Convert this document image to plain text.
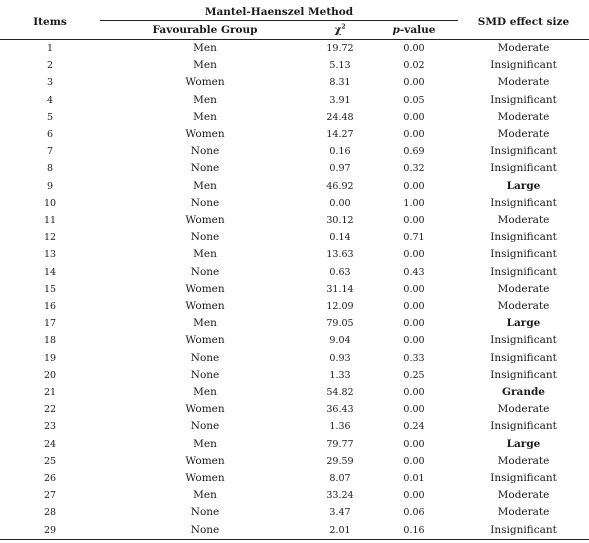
Items	Mantel-Haenszel Method			SMD effect size
	Favourable Group	$\chi^2$	p-value	
1	Men	19.72	0.00	Moderate
2	Men	5.13	0.02	Insignificant
3	Women	8.31	0.00	Moderate
4	Men	3.91	0.05	Insignificant
5	Men	24.48	0.00	Moderate
6	Women	14.27	0.00	Moderate
7	None	0.16	0.69	Insignificant
8	None	0.97	0.32	Insignificant
9	Men	46.92	0.00	Large
10	None	0.00	1.00	Insignificant
11	Women	30.12	0.00	Moderate
12	None	0.14	0.71	Insignificant
13	Men	13.63	0.00	Insignificant
14	None	0.63	0.43	Insignificant
15	Women	31.14	0.00	Moderate
16	Women	12.09	0.00	Moderate
17	Men	79.05	0.00	Large
18	Women	9.04	0.00	Insignificant
19	None	0.93	0.33	Insignificant
20	None	1.33	0.25	Insignificant
21	Men	54.82	0.00	Grande
22	Women	36.43	0.00	Moderate
23	None	1.36	0.24	Insignificant
24	Men	79.77	0.00	Large
25	Women	29.59	0.00	Moderate
26	Women	8.07	0.01	Insignificant
27	Men	33.24	0.00	Moderate
28	None	3.47	0.06	Moderate
29	None	2.01	0.16	Insignificant
